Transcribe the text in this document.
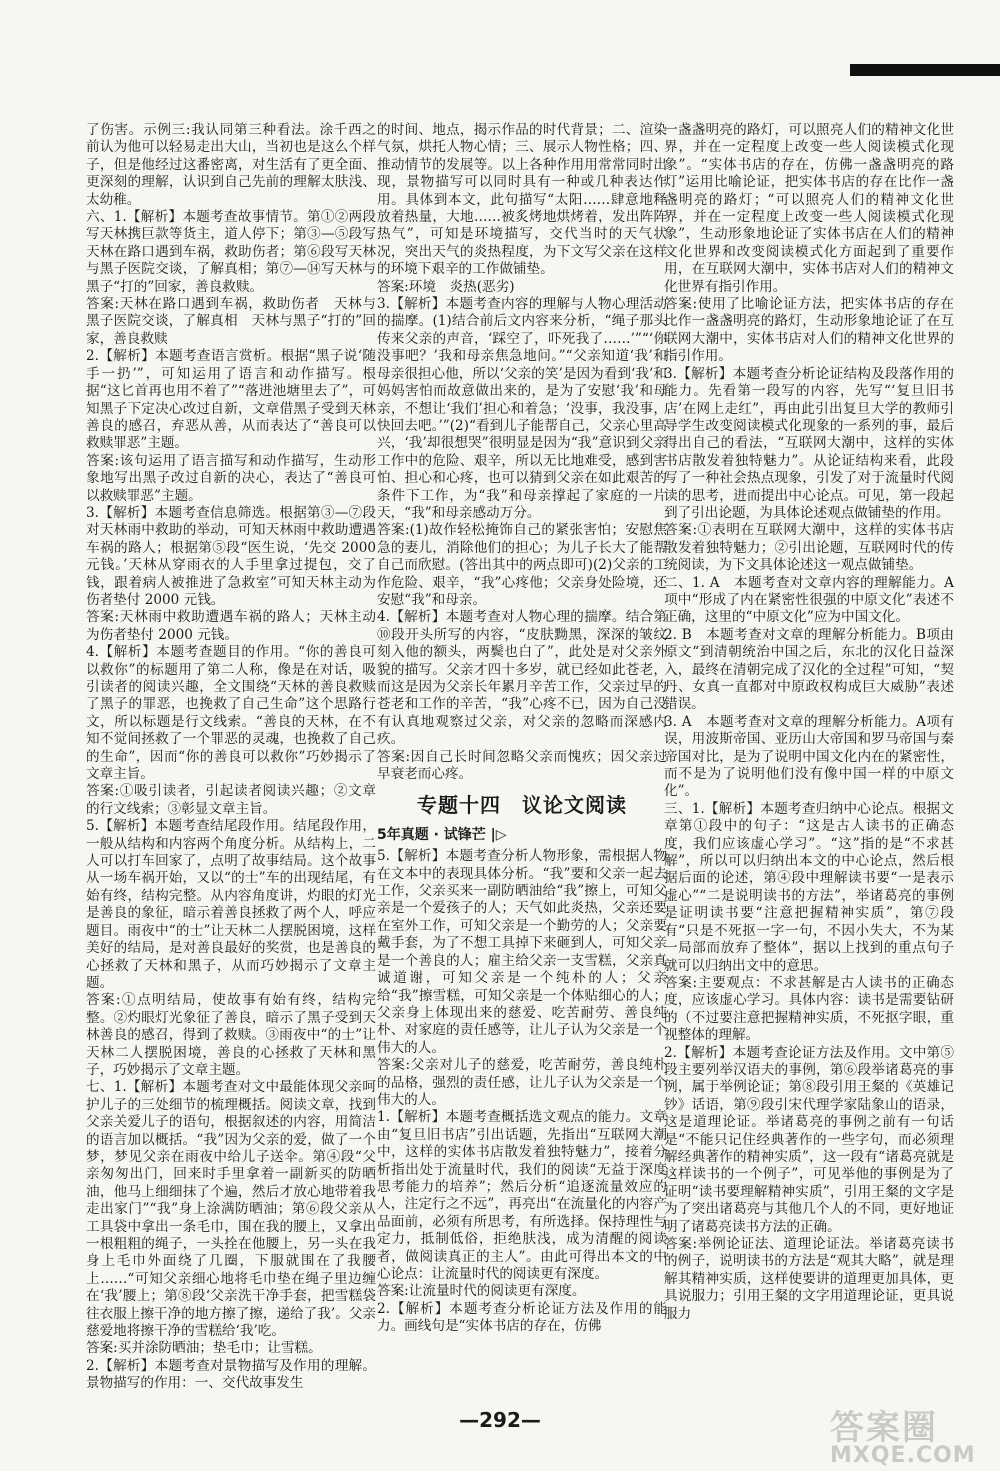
了伤害。示例三:我认同第三种看法。涂千西之前认为他可以轻易走出大山，当初也是这么个样子，但是他经过这番密离，对生活有了更全面、更深刻的理解，认识到自己先前的理解太肤浅、太幼稚。

六、1.【解析】本题考查故事情节。第①②两段写天林携巨款等货主，道人停下；第③—⑤段写天林在路口遇到车祸，救助伤者；第⑥段写天林与黑子医院交谈，了解真相；第⑦—⑭写天林与黑子“打的”回家，善良救赎。

答案:天林在路口遇到车祸，救助伤者　天林与黑子医院交谈，了解真相　天林与黑子“打的”回家，善良救赎

2.【解析】本题考查语言赏析。根据“黑子说‘随手一扔’”，可知运用了语言和动作描写。根据“这匕首再也用不着了”“落进池塘里去了”，可知黑子下定决心改过自新，文章借黑子受到天林善良的感召，弃恶从善，从而表达了“善良可以救赎罪恶”主题。

答案:该句运用了语言描写和动作描写，生动形象地写出黑子改过自新的决心，表达了“善良可以救赎罪恶”主题。

3.【解析】本题考查信息筛选。根据第③—⑦段对天林雨中救助的举动，可知天林雨中救助遭遇车祸的路人；根据第⑤段“医生说，‘先交 2000 元钱。’天林从穿雨衣的人手里拿过提包，交了钱，跟着病人被推进了急救室”可知天林主动为伤者垫付 2000 元钱。

答案:天林雨中救助遭遇车祸的路人；天林主动为伤者垫付 2000 元钱。

4.【解析】本题考查题目的作用。“你的善良可以救你”的标题用了第二人称，像是在对话，吸引读者的阅读兴趣，全文围绕“天林的善良救赎了黑子的罪恶，也挽救了自己生命”这个思路行文，所以标题是行文线索。“善良的天林，在不知不觉间拯救了一个罪恶的灵魂，也挽救了自己的生命”，因而“你的善良可以救你”巧妙揭示了文章主旨。

答案:①吸引读者，引起读者阅读兴趣；②文章的行文线索；③彰显文章主旨。

5.【解析】本题考查结尾段作用。结尾段作用，一般从结构和内容两个角度分析。从结构上，二人可以打车回家了，点明了故事结局。这个故事从一场车祸开始，又以“的士”车的出现结尾，有始有终，结构完整。从内容角度讲，灼眼的灯光是善良的象征，暗示着善良拯救了两个人，呼应题目。雨夜中“的士”让天林二人摆脱困境，这样美好的结局，是对善良最好的奖赏，也是善良的心拯救了天林和黑子，从而巧妙揭示了文章主题。

答案:①点明结局，使故事有始有终，结构完整。②灼眼灯光象征了善良，暗示了黑子受到天林善良的感召，得到了救赎。③雨夜中“的士”让天林二人摆脱困境，善良的心拯救了天林和黑子，巧妙揭示了文章主题。

七、1.【解析】本题考查对文中最能体现父亲呵护儿子的三处细节的梳理概括。阅读文章，找到父亲关爱儿子的语句，根据叙述的内容，用简洁的语言加以概括。“我”因为父亲的爱，做了一个梦，梦见父亲在雨夜中给儿子送伞。第④段“父亲匆匆出门，回来时手里拿着一副新买的防晒油，他马上细细抹了个遍，然后才放心地带着我走出家门”“我”身上涂满防晒油；第⑥段父亲从工具袋中拿出一条毛巾，围在我的腰上，又拿出一根粗粗的绳子，一头拴在他腰上，另一头在我身上毛巾外面绕了几圈，下服就围在了我腰上……“可知父亲细心地将毛巾垫在绳子里边缠在‘我’腰上；第⑧段‘父亲洗干净手套，把雪糕袋往衣服上擦干净的地方擦了擦，递给了我’。父亲慈爱地将擦干净的雪糕给‘我’吃。

答案:买并涂防晒油；垫毛巾；让雪糕。

2.【解析】本题考查对景物描写及作用的理解。景物描写的作用：一、交代故事发生

的时间、地点，揭示作品的时代背景；二、渲染气氛，烘托人物心情；三、展示人物性格；四、推动情节的发展等。以上各种作用用常常同时出现，景物描写可以同时具有一种或几种表达作用。具体到本文，此句描写“太阳……肆意地释放着热量，大地……被炙烤地烘烤着，发出阵阵热气”，可知是环境描写，交代当时的天气状况，突出天气的炎热程度，为下文写父亲在这样的环境下艰辛的工作做铺垫。

答案:环境　炎热(恶劣)

3.【解析】本题考查内容的理解与人物心理活动的揣摩。(1)结合前后文内容来分析，“绳子那头传来父亲的声音，‘踩空了，吓死我了……’”“‘你没事吧？’我和母亲焦急地问。”“父亲知道‘我’和母亲很担心他，所以‘父亲的笑’是因为看到‘我’和妈妈害怕而故意做出来的，是为了安慰‘我’和母亲，不想让‘我们’担心和着急；‘没事，我没事，快回去吧。’”(2)“看到儿子能帮自己，父亲心里高兴，‘我’却很想哭”很明显是因为“我”意识到父亲工作中的危险、艰辛，所以无比地难受，感到害怕、担心和心疼，也可以猜到父亲在如此艰苦的条件下工作，为“我”和母亲撑起了家庭的一片天，“我”和母亲感动万分。

答案:(1)故作轻松掩饰自己的紧张害怕；安慰焦急的妻儿，消除他们的担心；为儿子长大了能帮自己而欣慰。(答出其中的两点即可)(2)父亲的工作危险、艰辛，“我”心疼他；父亲身处险境，还安慰“我”和母亲。

4.【解析】本题考查对人物心理的揣摩。结合第⑩段开头所写的内容，“皮肤黝黑，深深的皱纹刻入他的额头，两鬓也白了”，此处是对父亲外貌的描写。父亲才四十多岁，就已经如此苍老，而这是因为父亲长年累月辛苦工作，父亲过早的苍老和工作的辛苦，“我”心疼不已，因为自己没有认真地观察过父亲，对父亲的忽略而深感内疚。

答案:因自己长时间忽略父亲而愧疚；因父亲过早衰老而心疼。

专题十四　议论文阅读
5年真题 · 试锋芒 |▷

5.【解析】本题考查分析人物形象，需根据人物在文本中的表现具体分析。“我”要和父亲一起去工作，父亲买来一副防晒油给“我”擦上，可知父亲是一个爱孩子的人；天气如此炎热，父亲还要在室外工作，可知父亲是一个勤劳的人；父亲要戴手套，为了不想工具掉下来砸到人，可知父亲是一个善良的人；雇主给父亲一支雪糕，父亲真诚道谢，可知父亲是一个纯朴的人；父亲给“我”擦雪糕，可知父亲是一个体贴细心的人；父亲身上体现出来的慈爱、吃苦耐劳、善良纯朴、对家庭的责任感等，让儿子认为父亲是一个伟大的人。

答案:父亲对儿子的慈爱，吃苦耐劳，善良纯朴的品格，强烈的责任感，让儿子认为父亲是一个伟大的人。

1.【解析】本题考查概括选文观点的能力。文章由“复旦旧书店”引出话题，先指出“互联网大潮中，这样的实体书店散发着独特魅力”，接着分析指出处于流量时代，我们的阅读“无益于深度思考能力的培养”；然后分析“追逐流量效应的人，注定行之不远”，再亮出“在流量化的内容产品面前，必须有所思考，有所选择。保持理性与定力，抵制低俗，拒绝肤浅，成为清醒的阅读者，做阅读真正的主人”。由此可得出本文的中心论点：让流量时代的阅读更有深度。

答案:让流量时代的阅读更有深度。

2.【解析】本题考查分析论证方法及作用的能力。画线句是“实体书店的存在，仿佛

一盏盏明亮的路灯，可以照亮人们的精神文化世界，并在一定程度上改变一些人阅读模式化现象”。“实体书店的存在，仿佛一盏盏明亮的路灯”运用比喻论证，把实体书店的存在比作一盏盏明亮的路灯；“可以照亮人们的精神文化世界，并在一定程度上改变一些人阅读模式化现象”，生动形象地论证了实体书店在人们的精神文化世界和改变阅读模式化方面起到了重要作用，在互联网大潮中，实体书店对人们的精神文化世界有指引作用。

答案:使用了比喻论证方法，把实体书店的存在比作一盏盏明亮的路灯，生动形象地论证了在互联网大潮中，实体书店对人们的精神文化世界的指引作用。

3.【解析】本题考查分析论证结构及段落作用的能力。先看第一段写的内容，先写“‘复旦旧书店’在网上走红”，再由此引出复旦大学的教师引导学生改变阅读模式化现象的一系列的事，最后得出自己的看法，“互联网大潮中，这样的实体书店散发着独特魅力”。从论证结构来看，此段写了一种社会热点现象，引发了对于流量时代阅读的思考，进而提出中心论点。可见，第一段起到了引出论题，为具体论述观点做铺垫的作用。

答案:①表明在互联网大潮中，这样的实体书店散发着独特魅力；②引出论题，互联网时代的传统阅读，为下文具体论述这一观点做铺垫。

二、1. A　本题考查对文章内容的理解能力。A项中“形成了内在紧密性很强的中原文化”表述不正确，这里的“中原文化”应为中国文化。

2. B　本题考查对文章的理解分析能力。B项由原文“到清朝统治中国之后，东北的汉化日益深入，最终在清朝完成了汉化的全过程”可知，“契丹、女真一直都对中原政权构成巨大威胁”表述错误。

3. A　本题考查对文章的理解分析能力。A项有误，用波斯帝国、亚历山大帝国和罗马帝国与秦帝国对比，是为了说明中国文化内在的紧密性，而不是为了说明他们没有像中国一样的中原文化”。

三、1.【解析】本题考查归纳中心论点。根据文章第①段中的句子：“这是古人读书的正确态度，我们应该虚心学习”。“这”指的是“不求甚解”，所以可以归纳出本文的中心论点，然后根据后面的论述，第④段中理解读书要“一是表示虚心”“二是说明读书的方法”，举诸葛亮的事例是证明读书要“注意把握精神实质”，第⑦段有“只是不死抠一字一句，不因小失大，不为某一局部而放弃了整体”，据以上找到的重点句子就可以归纳出文中的意思。

答案:主要观点：不求甚解是古人读书的正确态度，应该虚心学习。具体内容：读书是需要钻研的（不过要注意把握精神实质，不死抠字眼，重视整体的理解。

2.【解析】本题考查论证方法及作用。文中第⑤段主要列举汉语夫的事例，第⑥段举诸葛亮的事例，属于举例论证；第⑧段引用王粲的《英雄记钞》话语，第⑨段引宋代理学家陆象山的语录，这是道理论证。举诸葛亮的事例之前有一句话是“不能只记住经典著作的一些字句，而必须理解经典著作的精神实质”，这一段有“诸葛亮就是这样读书的一个例子”，可见举他的事例是为了证明“读书要理解精神实质”，引用王粲的文字是为了突出诸葛亮与其他几个人的不同，更好地证明了诸葛亮读书方法的正确。

答案:举例论证法、道理论证法。举诸葛亮读书的例子，说明读书的方法是“观其大略”，就是理解其精神实质，这样使要讲的道理更加具体，更具说服力；引用王粲的文字用道理论证，更具说服力

—292—	答案圈
MXQE.COM
